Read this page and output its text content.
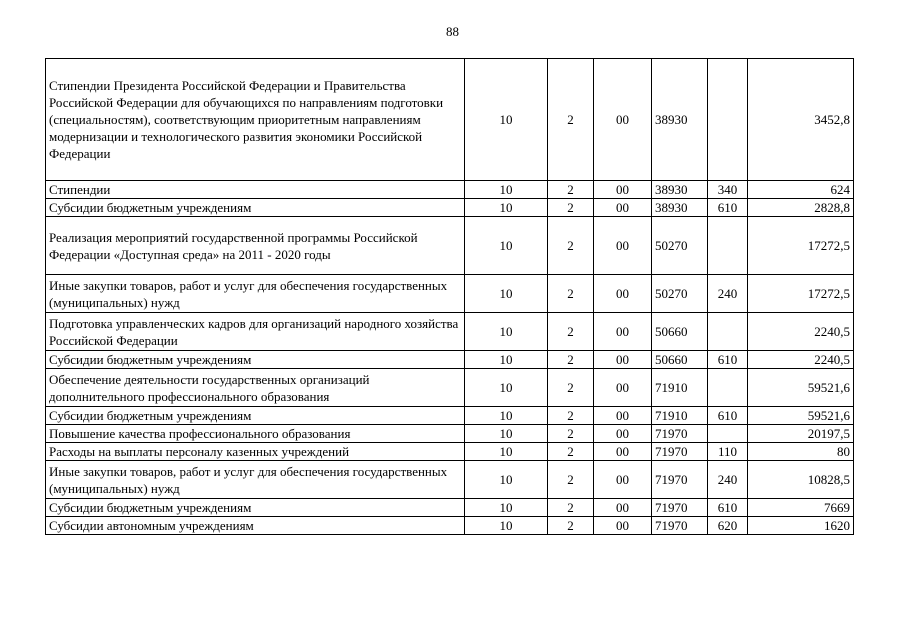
88
Стипендии Президента Российской Федерации и Правительства Российской Федерации для обучающихся по направлениям подготовки (специальностям), соответствующим приоритетным направлениям модернизации и технологического развития экономики Российской Федерации	10	2	00	38930		3452,8
Стипендии	10	2	00	38930	340	624
Субсидии бюджетным учреждениям	10	2	00	38930	610	2828,8
Реализация мероприятий государственной программы Российской Федерации «Доступная среда» на 2011 - 2020 годы	10	2	00	50270		17272,5
Иные закупки товаров, работ и услуг для обеспечения государственных (муниципальных) нужд	10	2	00	50270	240	17272,5
Подготовка управленческих кадров для организаций народного хозяйства Российской Федерации	10	2	00	50660		2240,5
Субсидии бюджетным учреждениям	10	2	00	50660	610	2240,5
Обеспечение деятельности государственных организаций дополнительного профессионального образования	10	2	00	71910		59521,6
Субсидии бюджетным учреждениям	10	2	00	71910	610	59521,6
Повышение качества профессионального образования	10	2	00	71970		20197,5
Расходы на выплаты персоналу казенных учреждений	10	2	00	71970	110	80
Иные закупки товаров, работ и услуг для обеспечения государственных (муниципальных) нужд	10	2	00	71970	240	10828,5
Субсидии бюджетным учреждениям	10	2	00	71970	610	7669
Субсидии автономным учреждениям	10	2	00	71970	620	1620
